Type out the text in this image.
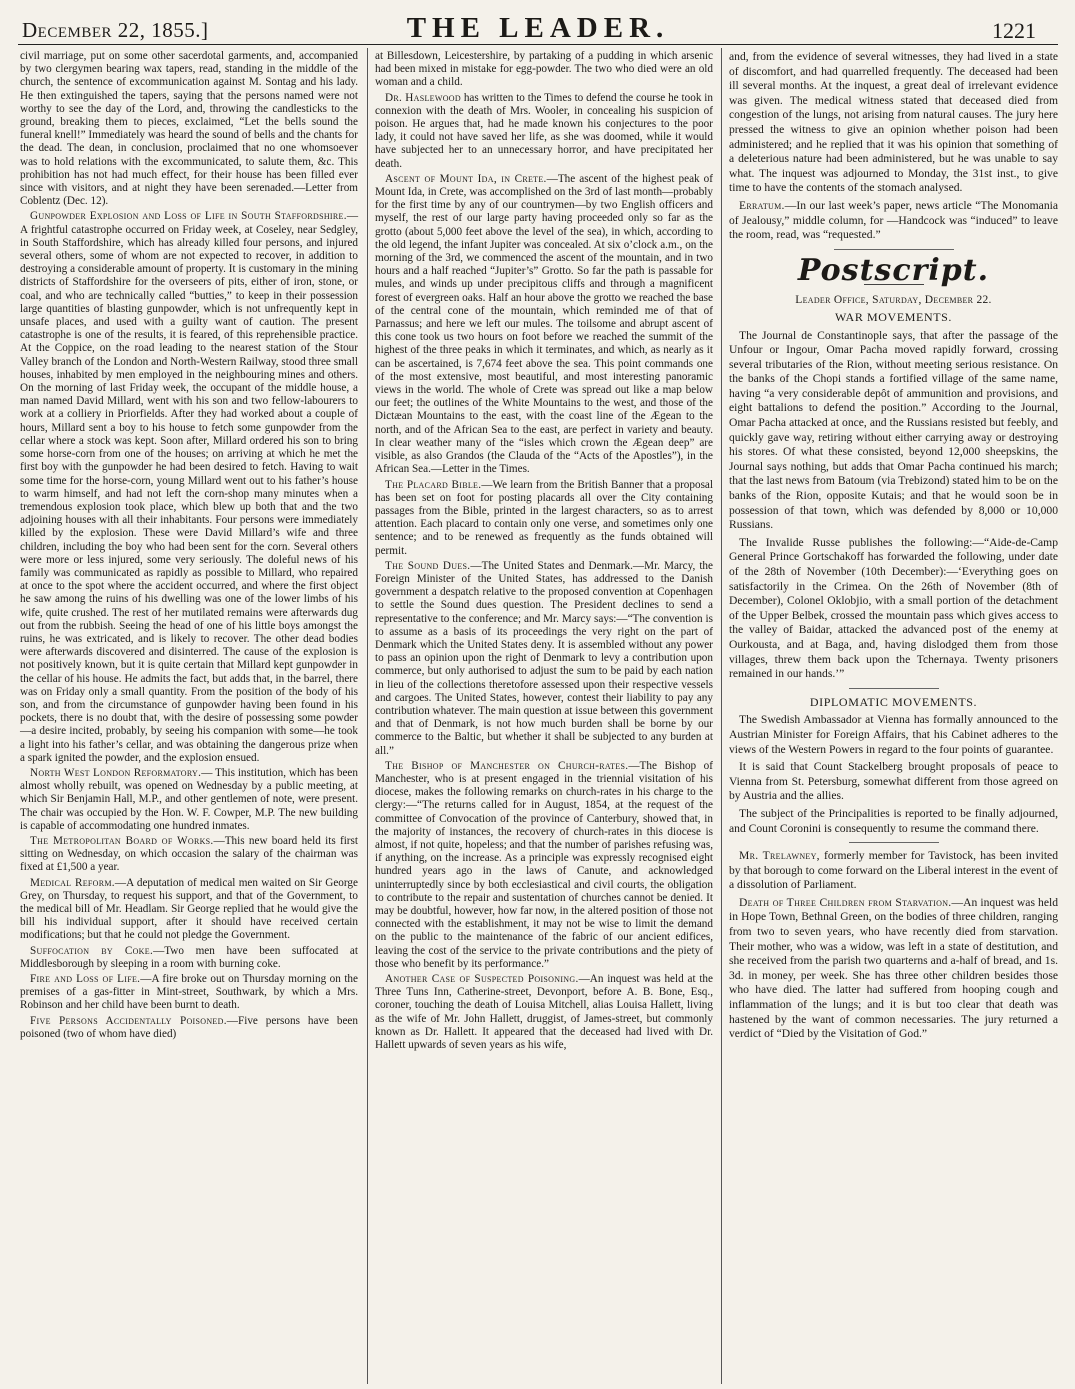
December 22, 1855.]	THE LEADER.	1221

civil marriage, put on some other sacerdotal garments, and, accompanied by two clergymen bearing wax tapers, read, standing in the middle of the church, the sentence of excommunication against M. Sontag and his lady. He then extinguished the tapers, saying that the persons named were not worthy to see the day of the Lord, and, throwing the candlesticks to the ground, breaking them to pieces, exclaimed, “Let the bells sound the funeral knell!” Immediately was heard the sound of bells and the chants for the dead. The dean, in conclusion, proclaimed that no one whomsoever was to hold relations with the excommunicated, to salute them, &c. This prohibition has not had much effect, for their house has been filled ever since with visitors, and at night they have been serenaded.—Letter from Coblentz (Dec. 12).

Gunpowder Explosion and Loss of Life in South Staffordshire.—A frightful catastrophe occurred on Friday week, at Coseley, near Sedgley, in South Staffordshire, which has already killed four persons, and injured several others, some of whom are not expected to recover, in addition to destroying a considerable amount of property. It is customary in the mining districts of Staffordshire for the overseers of pits, either of iron, stone, or coal, and who are technically called “butties,” to keep in their possession large quantities of blasting gunpowder, which is not unfrequently kept in unsafe places, and used with a guilty want of caution. The present catastrophe is one of the results, it is feared, of this reprehensible practice. At the Coppice, on the road leading to the nearest station of the Stour Valley branch of the London and North-Western Railway, stood three small houses, inhabited by men employed in the neighbouring mines and others. On the morning of last Friday week, the occupant of the middle house, a man named David Millard, went with his son and two fellow-labourers to work at a colliery in Priorfields. After they had worked about a couple of hours, Millard sent a boy to his house to fetch some gunpowder from the cellar where a stock was kept. Soon after, Millard ordered his son to bring some horse-corn from one of the houses; on arriving at which he met the first boy with the gunpowder he had been desired to fetch. Having to wait some time for the horse-corn, young Millard went out to his father’s house to warm himself, and had not left the corn-shop many minutes when a tremendous explosion took place, which blew up both that and the two adjoining houses with all their inhabitants. Four persons were immediately killed by the explosion. These were David Millard’s wife and three children, including the boy who had been sent for the corn. Several others were more or less injured, some very seriously. The doleful news of his family was communicated as rapidly as possible to Millard, who repaired at once to the spot where the accident occurred, and where the first object he saw among the ruins of his dwelling was one of the lower limbs of his wife, quite crushed. The rest of her mutilated remains were afterwards dug out from the rubbish. Seeing the head of one of his little boys amongst the ruins, he was extricated, and is likely to recover. The other dead bodies were afterwards discovered and disinterred. The cause of the explosion is not positively known, but it is quite certain that Millard kept gunpowder in the cellar of his house. He admits the fact, but adds that, in the barrel, there was on Friday only a small quantity. From the position of the body of his son, and from the circumstance of gunpowder having been found in his pockets, there is no doubt that, with the desire of possessing some powder—a desire incited, probably, by seeing his companion with some—he took a light into his father’s cellar, and was obtaining the dangerous prize when a spark ignited the powder, and the explosion ensued.

North West London Reformatory.— This institution, which has been almost wholly rebuilt, was opened on Wednesday by a public meeting, at which Sir Benjamin Hall, M.P., and other gentlemen of note, were present. The chair was occupied by the Hon. W. F. Cowper, M.P. The new building is capable of accommodating one hundred inmates.

The Metropolitan Board of Works.—This new board held its first sitting on Wednesday, on which occasion the salary of the chairman was fixed at £1,500 a year.

Medical Reform.—A deputation of medical men waited on Sir George Grey, on Thursday, to request his support, and that of the Government, to the medical bill of Mr. Headlam. Sir George replied that he would give the bill his individual support, after it should have received certain modifications; but that he could not pledge the Government.

Suffocation by Coke.—Two men have been suffocated at Middlesborough by sleeping in a room with burning coke.

Fire and Loss of Life.—A fire broke out on Thursday morning on the premises of a gas-fitter in Mint-street, Southwark, by which a Mrs. Robinson and her child have been burnt to death.

Five Persons Accidentally Poisoned.—Five persons have been poisoned (two of whom have died)

at Billesdown, Leicestershire, by partaking of a pudding in which arsenic had been mixed in mistake for egg-powder. The two who died were an old woman and a child.

Dr. Haslewood has written to the Times to defend the course he took in connexion with the death of Mrs. Wooler, in concealing his suspicion of poison. He argues that, had he made known his conjectures to the poor lady, it could not have saved her life, as she was doomed, while it would have subjected her to an unnecessary horror, and have precipitated her death.

Ascent of Mount Ida, in Crete.—The ascent of the highest peak of Mount Ida, in Crete, was accomplished on the 3rd of last month—probably for the first time by any of our countrymen—by two English officers and myself, the rest of our large party having proceeded only so far as the grotto (about 5,000 feet above the level of the sea), in which, according to the old legend, the infant Jupiter was concealed. At six o’clock a.m., on the morning of the 3rd, we commenced the ascent of the mountain, and in two hours and a half reached “Jupiter’s” Grotto. So far the path is passable for mules, and winds up under precipitous cliffs and through a magnificent forest of evergreen oaks. Half an hour above the grotto we reached the base of the central cone of the mountain, which reminded me of that of Parnassus; and here we left our mules. The toilsome and abrupt ascent of this cone took us two hours on foot before we reached the summit of the highest of the three peaks in which it terminates, and which, as nearly as it can be ascertained, is 7,674 feet above the sea. This point commands one of the most extensive, most beautiful, and most interesting panoramic views in the world. The whole of Crete was spread out like a map below our feet; the outlines of the White Mountains to the west, and those of the Dictæan Mountains to the east, with the coast line of the Ægean to the north, and of the African Sea to the east, are perfect in variety and beauty. In clear weather many of the “isles which crown the Ægean deep” are visible, as also Grandos (the Clauda of the “Acts of the Apostles”), in the African Sea.—Letter in the Times.

The Placard Bible.—We learn from the British Banner that a proposal has been set on foot for posting placards all over the City containing passages from the Bible, printed in the largest characters, so as to arrest attention. Each placard to contain only one verse, and sometimes only one sentence; and to be renewed as frequently as the funds obtained will permit.

The Sound Dues.—The United States and Denmark.—Mr. Marcy, the Foreign Minister of the United States, has addressed to the Danish government a despatch relative to the proposed convention at Copenhagen to settle the Sound dues question. The President declines to send a representative to the conference; and Mr. Marcy says:—“The convention is to assume as a basis of its proceedings the very right on the part of Denmark which the United States deny. It is assembled without any power to pass an opinion upon the right of Denmark to levy a contribution upon commerce, but only authorised to adjust the sum to be paid by each nation in lieu of the collections theretofore assessed upon their respective vessels and cargoes. The United States, however, contest their liability to pay any contribution whatever. The main question at issue between this government and that of Denmark, is not how much burden shall be borne by our commerce to the Baltic, but whether it shall be subjected to any burden at all.”

The Bishop of Manchester on Church-rates.—The Bishop of Manchester, who is at present engaged in the triennial visitation of his diocese, makes the following remarks on church-rates in his charge to the clergy:—“The returns called for in August, 1854, at the request of the committee of Convocation of the province of Canterbury, showed that, in the majority of instances, the recovery of church-rates in this diocese is almost, if not quite, hopeless; and that the number of parishes refusing was, if anything, on the increase. As a principle was expressly recognised eight hundred years ago in the laws of Canute, and acknowledged uninterruptedly since by both ecclesiastical and civil courts, the obligation to contribute to the repair and sustentation of churches cannot be denied. It may be doubtful, however, how far now, in the altered position of those not connected with the establishment, it may not be wise to limit the demand on the public to the maintenance of the fabric of our ancient edifices, leaving the cost of the service to the private contributions and the piety of those who benefit by its performance.”

Another Case of Suspected Poisoning.—An inquest was held at the Three Tuns Inn, Catherine-street, Devonport, before A. B. Bone, Esq., coroner, touching the death of Louisa Mitchell, alias Louisa Hallett, living as the wife of Mr. John Hallett, druggist, of James-street, but commonly known as Dr. Hallett. It appeared that the deceased had lived with Dr. Hallett upwards of seven years as his wife,

and, from the evidence of several witnesses, they had lived in a state of discomfort, and had quarrelled frequently. The deceased had been ill several months. At the inquest, a great deal of irrelevant evidence was given. The medical witness stated that deceased died from congestion of the lungs, not arising from natural causes. The jury here pressed the witness to give an opinion whether poison had been administered; and he replied that it was his opinion that something of a deleterious nature had been administered, but he was unable to say what. The inquest was adjourned to Monday, the 31st inst., to give time to have the contents of the stomach analysed.

Erratum.—In our last week’s paper, news article “The Monomania of Jealousy,” middle column, for —Handcock was “induced” to leave the room, read, was “requested.”

Postscript.
Leader Office, Saturday, December 22.
WAR MOVEMENTS.

The Journal de Constantinople says, that after the passage of the Unfour or Ingour, Omar Pacha moved rapidly forward, crossing several tributaries of the Rion, without meeting serious resistance. On the banks of the Chopi stands a fortified village of the same name, having “a very considerable depôt of ammunition and provisions, and eight battalions to defend the position.” According to the Journal, Omar Pacha attacked at once, and the Russians resisted but feebly, and quickly gave way, retiring without either carrying away or destroying his stores. Of what these consisted, beyond 12,000 sheepskins, the Journal says nothing, but adds that Omar Pacha continued his march; that the last news from Batoum (via Trebizond) stated him to be on the banks of the Rion, opposite Kutais; and that he would soon be in possession of that town, which was defended by 8,000 or 10,000 Russians.

The Invalide Russe publishes the following:—“Aide-de-Camp General Prince Gortschakoff has forwarded the following, under date of the 28th of November (10th December):—‘Everything goes on satisfactorily in the Crimea. On the 26th of November (8th of December), Colonel Oklobjio, with a small portion of the detachment of the Upper Belbek, crossed the mountain pass which gives access to the valley of Baidar, attacked the advanced post of the enemy at Ourkousta, and at Baga, and, having dislodged them from those villages, threw them back upon the Tchernaya. Twenty prisoners remained in our hands.’”

DIPLOMATIC MOVEMENTS.

The Swedish Ambassador at Vienna has formally announced to the Austrian Minister for Foreign Affairs, that his Cabinet adheres to the views of the Western Powers in regard to the four points of guarantee.

It is said that Count Stackelberg brought proposals of peace to Vienna from St. Petersburg, somewhat different from those agreed on by Austria and the allies.

The subject of the Principalities is reported to be finally adjourned, and Count Coronini is consequently to resume the command there.

Mr. Trelawney, formerly member for Tavistock, has been invited by that borough to come forward on the Liberal interest in the event of a dissolution of Parliament.

Death of Three Children from Starvation.—An inquest was held in Hope Town, Bethnal Green, on the bodies of three children, ranging from two to seven years, who have recently died from starvation. Their mother, who was a widow, was left in a state of destitution, and she received from the parish two quarterns and a-half of bread, and 1s. 3d. in money, per week. She has three other children besides those who have died. The latter had suffered from hooping cough and inflammation of the lungs; and it is but too clear that death was hastened by the want of common necessaries. The jury returned a verdict of “Died by the Visitation of God.”
